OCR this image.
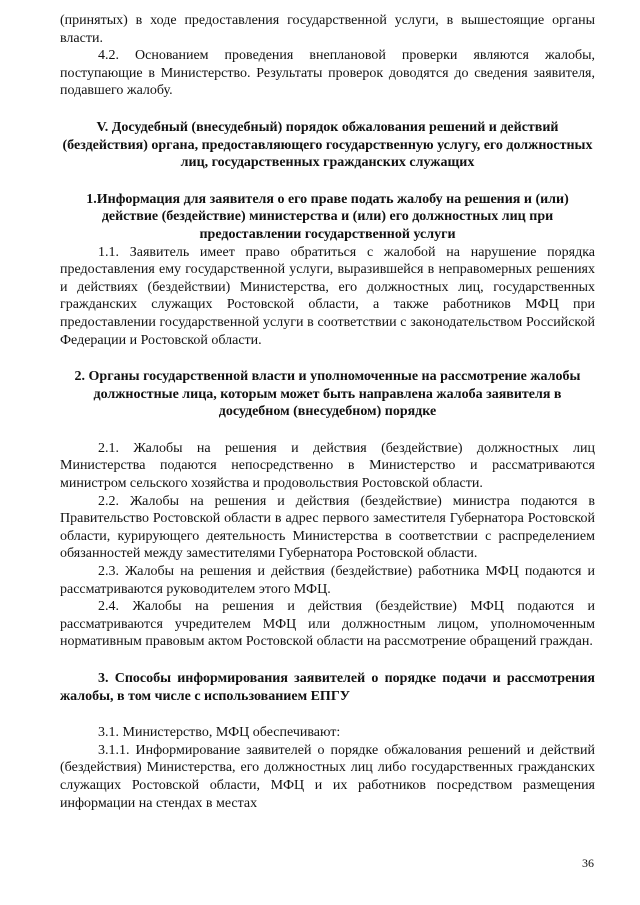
(принятых) в ходе предоставления государственной услуги, в вышестоящие органы власти.

4.2. Основанием проведения внеплановой проверки являются жалобы, поступающие в Министерство. Результаты проверок доводятся до сведения заявителя, подавшего жалобу.

V. Досудебный (внесудебный) порядок обжалования решений и действий (бездействия) органа, предоставляющего государственную услугу, его должностных лиц, государственных гражданских служащих
1.Информация для заявителя о его праве подать жалобу на решения и (или) действие (бездействие) министерства и (или) его должностных лиц при предоставлении государственной услуги

1.1. Заявитель имеет право обратиться с жалобой на нарушение порядка предоставления ему государственной услуги, выразившейся в неправомерных решениях и действиях (бездействии) Министерства, его должностных лиц, государственных гражданских служащих Ростовской области, а также работников МФЦ при предоставлении государственной услуги в соответствии с законодательством Российской Федерации и Ростовской области.

2. Органы государственной власти и уполномоченные на рассмотрение жалобы должностные лица, которым может быть направлена жалоба заявителя в досудебном (внесудебном) порядке

2.1. Жалобы на решения и действия (бездействие) должностных лиц Министерства подаются непосредственно в Министерство и рассматриваются министром сельского хозяйства и продовольствия Ростовской области.

2.2. Жалобы на решения и действия (бездействие) министра подаются в Правительство Ростовской области в адрес первого заместителя Губернатора Ростовской области, курирующего деятельность Министерства в соответствии с распределением обязанностей между заместителями Губернатора Ростовской области.

2.3. Жалобы на решения и действия (бездействие) работника МФЦ подаются и рассматриваются руководителем этого МФЦ.

2.4. Жалобы на решения и действия (бездействие) МФЦ подаются и рассматриваются учредителем МФЦ или должностным лицом, уполномоченным нормативным правовым актом Ростовской области на рассмотрение обращений граждан.

3. Способы информирования заявителей о порядке подачи и рассмотрения жалобы, в том числе с использованием ЕПГУ

3.1. Министерство, МФЦ обеспечивают:

3.1.1. Информирование заявителей о порядке обжалования решений и действий (бездействия) Министерства, его должностных лиц либо государственных гражданских служащих Ростовской области, МФЦ и их работников посредством размещения информации на стендах в местах

36
